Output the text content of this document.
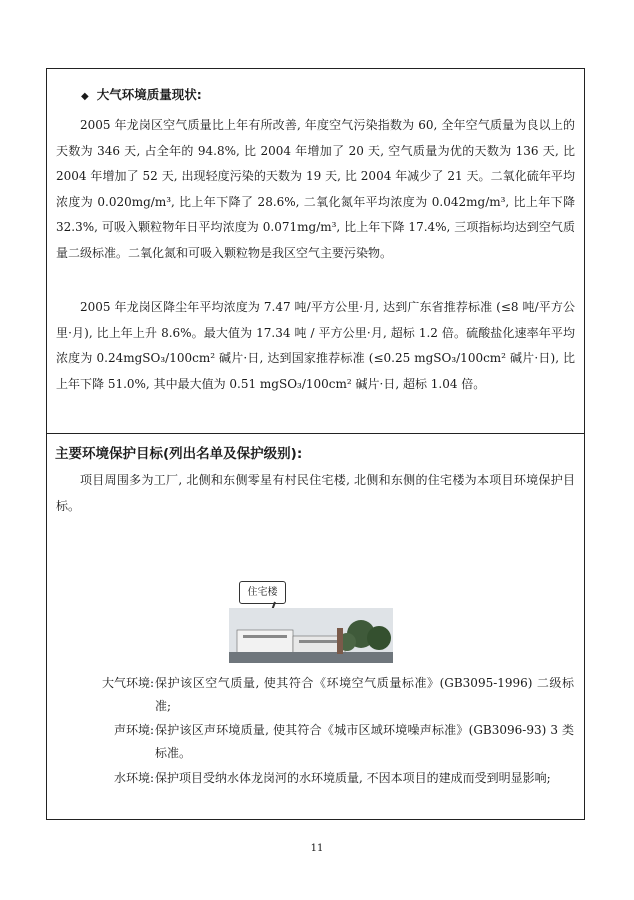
◆ 大气环境质量现状:

2005 年龙岗区空气质量比上年有所改善, 年度空气污染指数为 60, 全年空气质量为良以上的天数为 346 天, 占全年的 94.8%, 比 2004 年增加了 20 天, 空气质量为优的天数为 136 天, 比 2004 年增加了 52 天, 出现轻度污染的天数为 19 天, 比 2004 年减少了 21 天。二氧化硫年平均浓度为 0.020mg/m³, 比上年下降了 28.6%, 二氧化氮年平均浓度为 0.042mg/m³, 比上年下降 32.3%, 可吸入颗粒物年日平均浓度为 0.071mg/m³, 比上年下降 17.4%, 三项指标均达到空气质量二级标准。二氧化氮和可吸入颗粒物是我区空气主要污染物。

2005 年龙岗区降尘年平均浓度为 7.47 吨/平方公里·月, 达到广东省推荐标准 (≤8 吨/平方公里·月), 比上年上升 8.6%。最大值为 17.34 吨 / 平方公里·月, 超标 1.2 倍。硫酸盐化速率年平均浓度为 0.24mgSO₃/100cm² 碱片·日, 达到国家推荐标准 (≤0.25 mgSO₃/100cm² 碱片·日), 比上年下降 51.0%, 其中最大值为 0.51 mgSO₃/100cm² 碱片·日, 超标 1.04 倍。

主要环境保护目标(列出名单及保护级别):

项目周围多为工厂, 北侧和东侧零星有村民住宅楼, 北侧和东侧的住宅楼为本项目环境保护目标。

住宅楼
大气环境: 保护该区空气质量, 使其符合《环境空气质量标准》(GB3095-1996) 二级标准;
声环境: 保护该区声环境质量, 使其符合《城市区域环境噪声标准》(GB3096-93) 3 类标准。
水环境: 保护项目受纳水体龙岗河的水环境质量, 不因本项目的建成而受到明显影响;
11
